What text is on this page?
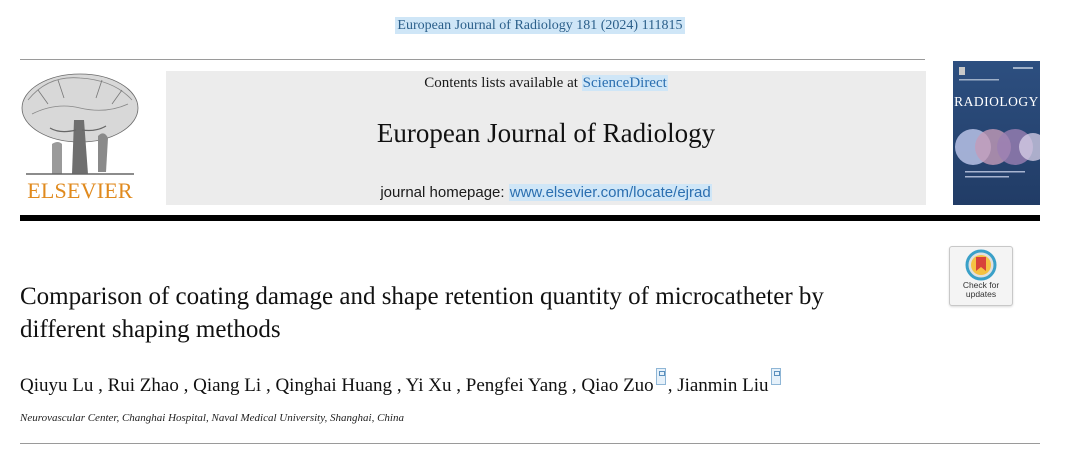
European Journal of Radiology 181 (2024) 111815
ELSEVIER
Contents lists available at ScienceDirect
European Journal of Radiology
journal homepage: www.elsevier.com/locate/ejrad
RADIOLOGY
Check for
updates
Comparison of coating damage and shape retention quantity of microcatheter by different shaping methods
Qiuyu Lu , Rui Zhao , Qiang Li , Qinghai Huang , Yi Xu , Pengfei Yang , Qiao Zuo , Jianmin Liu
Neurovascular Center, Changhai Hospital, Naval Medical University, Shanghai, China
